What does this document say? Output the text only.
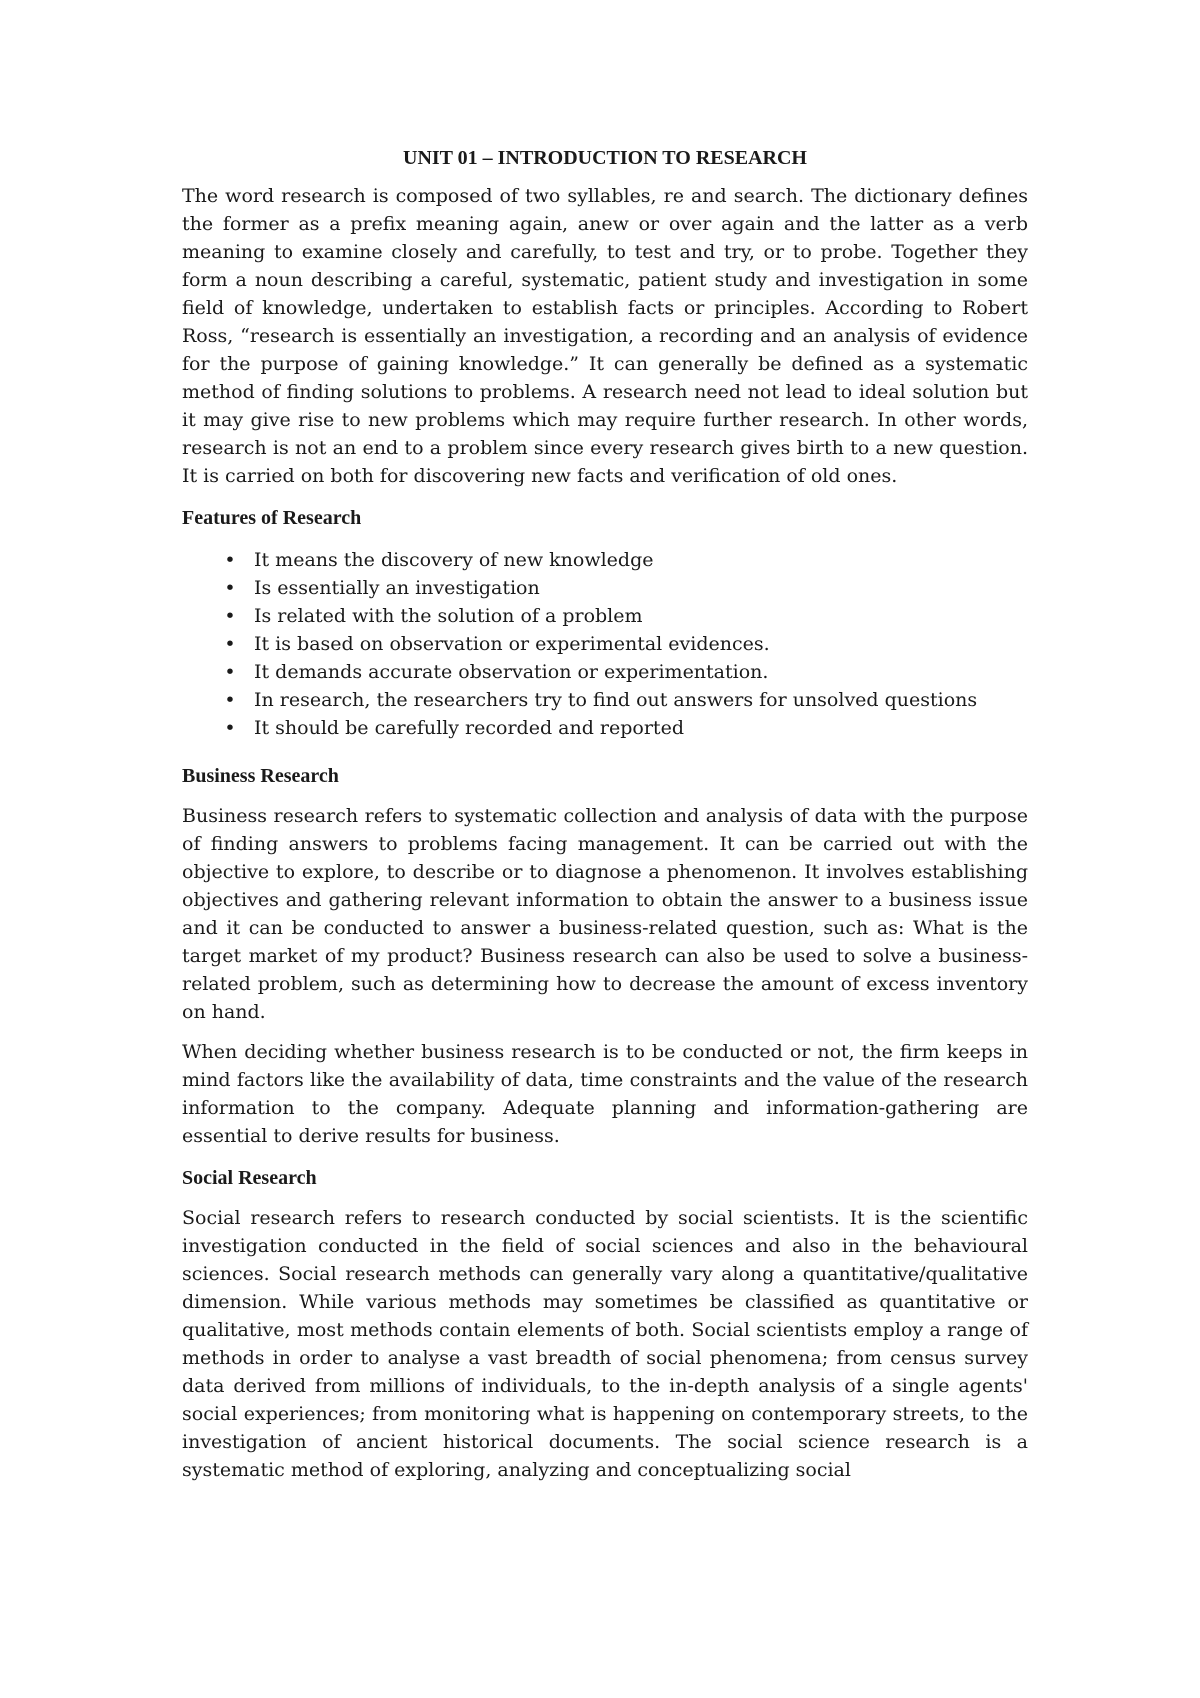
UNIT 01 – INTRODUCTION TO RESEARCH

The word research is composed of two syllables, re and search. The dictionary defines the former as a prefix meaning again, anew or over again and the latter as a verb meaning to examine closely and carefully, to test and try, or to probe. Together they form a noun describing a careful, systematic, patient study and investigation in some field of knowledge, undertaken to establish facts or principles. According to Robert Ross, “research is essentially an investigation, a recording and an analysis of evidence for the purpose of gaining knowledge.” It can generally be defined as a systematic method of finding solutions to problems. A research need not lead to ideal solution but it may give rise to new problems which may require further research. In other words, research is not an end to a problem since every research gives birth to a new question. It is carried on both for discovering new facts and verification of old ones.

Features of Research
• It means the discovery of new knowledge
• Is essentially an investigation
• Is related with the solution of a problem
• It is based on observation or experimental evidences.
• It demands accurate observation or experimentation.
• In research, the researchers try to find out answers for unsolved questions
• It should be carefully recorded and reported
Business Research

Business research refers to systematic collection and analysis of data with the purpose of finding answers to problems facing management. It can be carried out with the objective to explore, to describe or to diagnose a phenomenon. It involves establishing objectives and gathering relevant information to obtain the answer to a business issue and it can be conducted to answer a business-related question, such as: What is the target market of my product? Business research can also be used to solve a business-related problem, such as determining how to decrease the amount of excess inventory on hand.

When deciding whether business research is to be conducted or not, the firm keeps in mind factors like the availability of data, time constraints and the value of the research information to the company. Adequate planning and information-gathering are essential to derive results for business.

Social Research

Social research refers to research conducted by social scientists. It is the scientific investigation conducted in the field of social sciences and also in the behavioural sciences. Social research methods can generally vary along a quantitative/qualitative dimension. While various methods may sometimes be classified as quantitative or qualitative, most methods contain elements of both. Social scientists employ a range of methods in order to analyse a vast breadth of social phenomena; from census survey data derived from millions of individuals, to the in-depth analysis of a single agents' social experiences; from monitoring what is happening on contemporary streets, to the investigation of ancient historical documents. The social science research is a systematic method of exploring, analyzing and conceptualizing social
